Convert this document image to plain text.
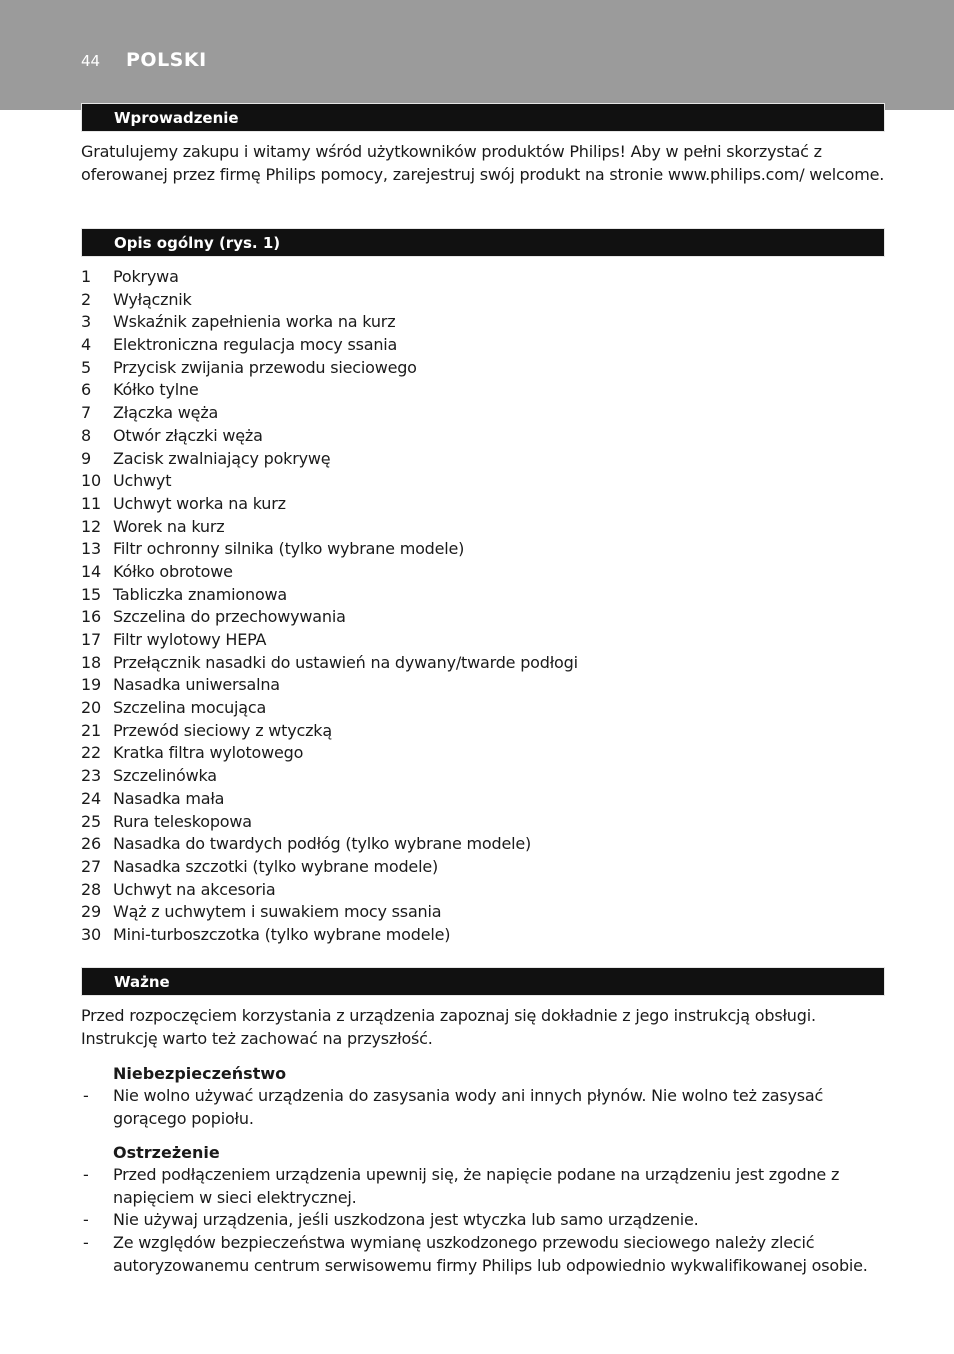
44 POLSKI
Wprowadzenie
Gratulujemy zakupu i witamy wśród użytkowników produktów Philips! Aby w pełni skorzystać z oferowanej przez firmę Philips pomocy, zarejestruj swój produkt na stronie www.philips.com/ welcome.
Opis ogólny (rys. 1)
1 Pokrywa
2 Wyłącznik
3 Wskaźnik zapełnienia worka na kurz
4 Elektroniczna regulacja mocy ssania
5 Przycisk zwijania przewodu sieciowego
6 Kółko tylne
7 Złączka węża
8 Otwór złączki węża
9 Zacisk zwalniający pokrywę
10 Uchwyt
11 Uchwyt worka na kurz
12 Worek na kurz
13 Filtr ochronny silnika (tylko wybrane modele)
14 Kółko obrotowe
15 Tabliczka znamionowa
16 Szczelina do przechowywania
17 Filtr wylotowy HEPA
18 Przełącznik nasadki do ustawień na dywany/twarde podłogi
19 Nasadka uniwersalna
20 Szczelina mocująca
21 Przewód sieciowy z wtyczką
22 Kratka filtra wylotowego
23 Szczelinówka
24 Nasadka mała
25 Rura teleskopowa
26 Nasadka do twardych podłóg (tylko wybrane modele)
27 Nasadka szczotki (tylko wybrane modele)
28 Uchwyt na akcesoria
29 Wąż z uchwytem i suwakiem mocy ssania
30 Mini-turboszczotka (tylko wybrane modele)
Ważne
Przed rozpoczęciem korzystania z urządzenia zapoznaj się dokładnie z jego instrukcją obsługi. Instrukcję warto też zachować na przyszłość.
Niebezpieczeństwo
- Nie wolno używać urządzenia do zasysania wody ani innych płynów. Nie wolno też zasysać gorącego popiołu.
Ostrzeżenie
- Przed podłączeniem urządzenia upewnij się, że napięcie podane na urządzeniu jest zgodne z napięciem w sieci elektrycznej.
- Nie używaj urządzenia, jeśli uszkodzona jest wtyczka lub samo urządzenie.
- Ze względów bezpieczeństwa wymianę uszkodzonego przewodu sieciowego należy zlecić autoryzowanemu centrum serwisowemu firmy Philips lub odpowiednio wykwalifikowanej osobie.
